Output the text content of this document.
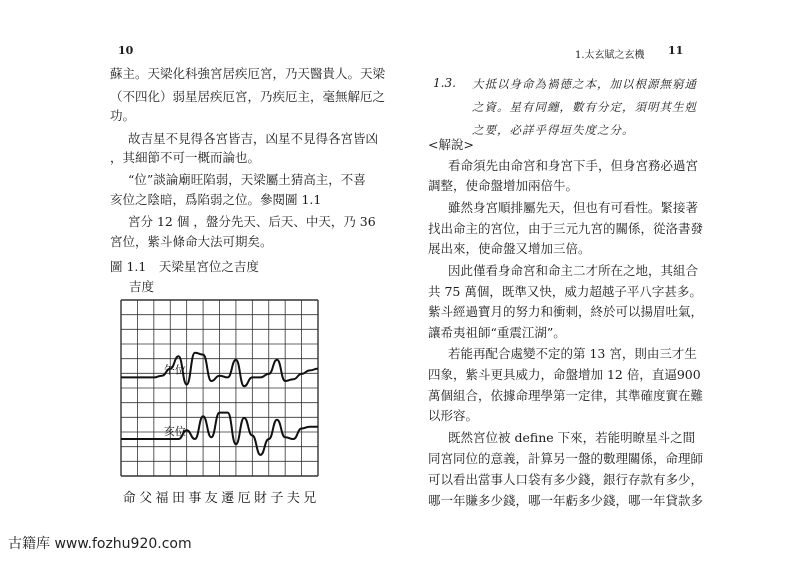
10
蘇主。天梁化科強宮居疾厄宮，乃天醫貴人。天梁
（不四化）弱星居疾厄宮，乃疾厄主，毫無解厄之
功。
故吉星不見得各宮皆吉，凶星不見得各宮皆凶
，其細節不可一概而論也。
“位”談論廟旺陷弱，天梁屬土猜高主，不喜
亥位之陰暗，爲陷弱之位。參閱圖 1.1
宮分 12 個 ，盤分先天、后天、中天，乃 36
宮位，紫斗條命大法可期矣。
圖 1.1　天梁星宮位之吉度
吉度
午位
亥位
命 父 福 田 事 友 遷 厄 財 子 夫 兄
1.太玄賦之玄機 11
1.3. 大抵以身命為禍德之本，加以根源無窮通
之資。星有同纏，數有分定，須明其生剋
之要，必詳乎得垣失度之分。
<解說>
看命須先由命宮和身宮下手，但身宮務必過宮
調整，使命盤增加兩倍牛。
雖然身宮順排屬先天，但也有可看性。緊接著
找出命主的宮位，由于三元九宮的關係，從洛書發
展出來，使命盤又增加三倍。
因此僅看身命宮和命主二才所在之地，其組合
共 75 萬個，既準又快，威力超越子平八字甚多。
紫斗經過寶月的努力和衝刺，終於可以揚眉吐氣，
讓希夷祖師“重震江湖”。
若能再配合處變不定的第 13 宮，則由三才生
四象，紫斗更具威力，命盤增加 12 倍，直逼900
萬個組合，依據命理學第一定律，其準確度實在難
以形容。
既然宮位被 define 下來，若能明瞭星斗之間
同宮同位的意義，計算另一盤的數理關係，命理師
可以看出當事人口袋有多少錢，銀行存款有多少，
哪一年賺多少錢，哪一年虧多少錢，哪一年貸款多
古籍库 www.fozhu920.com
